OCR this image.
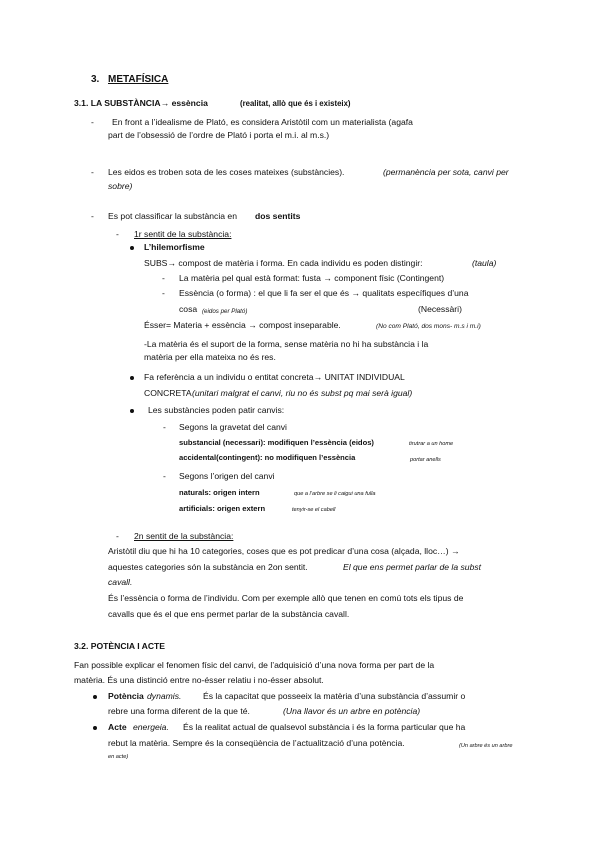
3. METAFÍSICA
3.1. LA SUBSTÀNCIA→ essència	(realitat, allò que és i existeix)
- En front a l’idealisme de Plató, es considera Aristòtil com un materialista (agafa
part de l’obsessió de l’ordre de Plató i porta el m.i. al m.s.)
- Les eidos es troben sota de les coses mateixes (substàncies).	(permanència per sota, canvi per
sobre)
- Es pot classificar la substància en dos sentits
- 1r sentit de la substància:
L’hilemorfisme
SUBS→ compost de matèria i forma. En cada individu es poden distingir:	(taula)
- La matèria pel qual està format: fusta → component físic (Contingent)
- Essència (o forma) : el que li fa ser el que és → qualitats específiques d’una
cosa (eidos per Plató)	(Necessàri)
Ésser= Materia + essència → compost inseparable.	(No com Plató, dos mons- m.s i m.i)
-La matèria és el suport de la forma, sense matèria no hi ha substància i la
matèria per ella mateixa no és res.
Fa referència a un individu o entitat concreta→ UNITAT INDIVIDUAL
CONCRETA (unitari malgrat el canvi, riu no és subst pq mai serà igual)
Les substàncies poden patir canvis:
- Segons la gravetat del canvi
substancial (necessari): modifiquen l’essència (eidos)	tirutrar a un home
accidental(contingent): no modifiquen l’essència	portar anells
- Segons l’origen del canvi
naturals: origen intern	que a l’arbre se li caigui una fulla
artificials: origen extern	tenyir-se el cabell
- 2n sentit de la substància:
Aristòtil diu que hi ha 10 categories, coses que es pot predicar d’una cosa (alçada, lloc…) →
aquestes categories són la substància en 2on sentit.	El que ens permet parlar de la subst
cavall.
És l’essència o forma de l’individu. Com per exemple allò que tenen en comú tots els tipus de
cavalls que és el que ens permet parlar de la substància cavall.
3.2. POTÈNCIA I ACTE
Fan possible explicar el fenomen físic del canvi, de l’adquisició d’una nova forma per part de la
matèria. És una distinció entre no-ésser relatiu i no-ésser absolut.
Potència dynamis.	És la capacitat que posseeix la matèria d’una substància d’assumir o
rebre una forma diferent de la que té.	(Una llavor és un arbre en potència)
Acte energeia. És la realitat actual de qualsevol substància i és la forma particular que ha
rebut la matèria. Sempre és la conseqüència de l’actualització d’una potència.	(Un arbre és un arbre
en acte)
